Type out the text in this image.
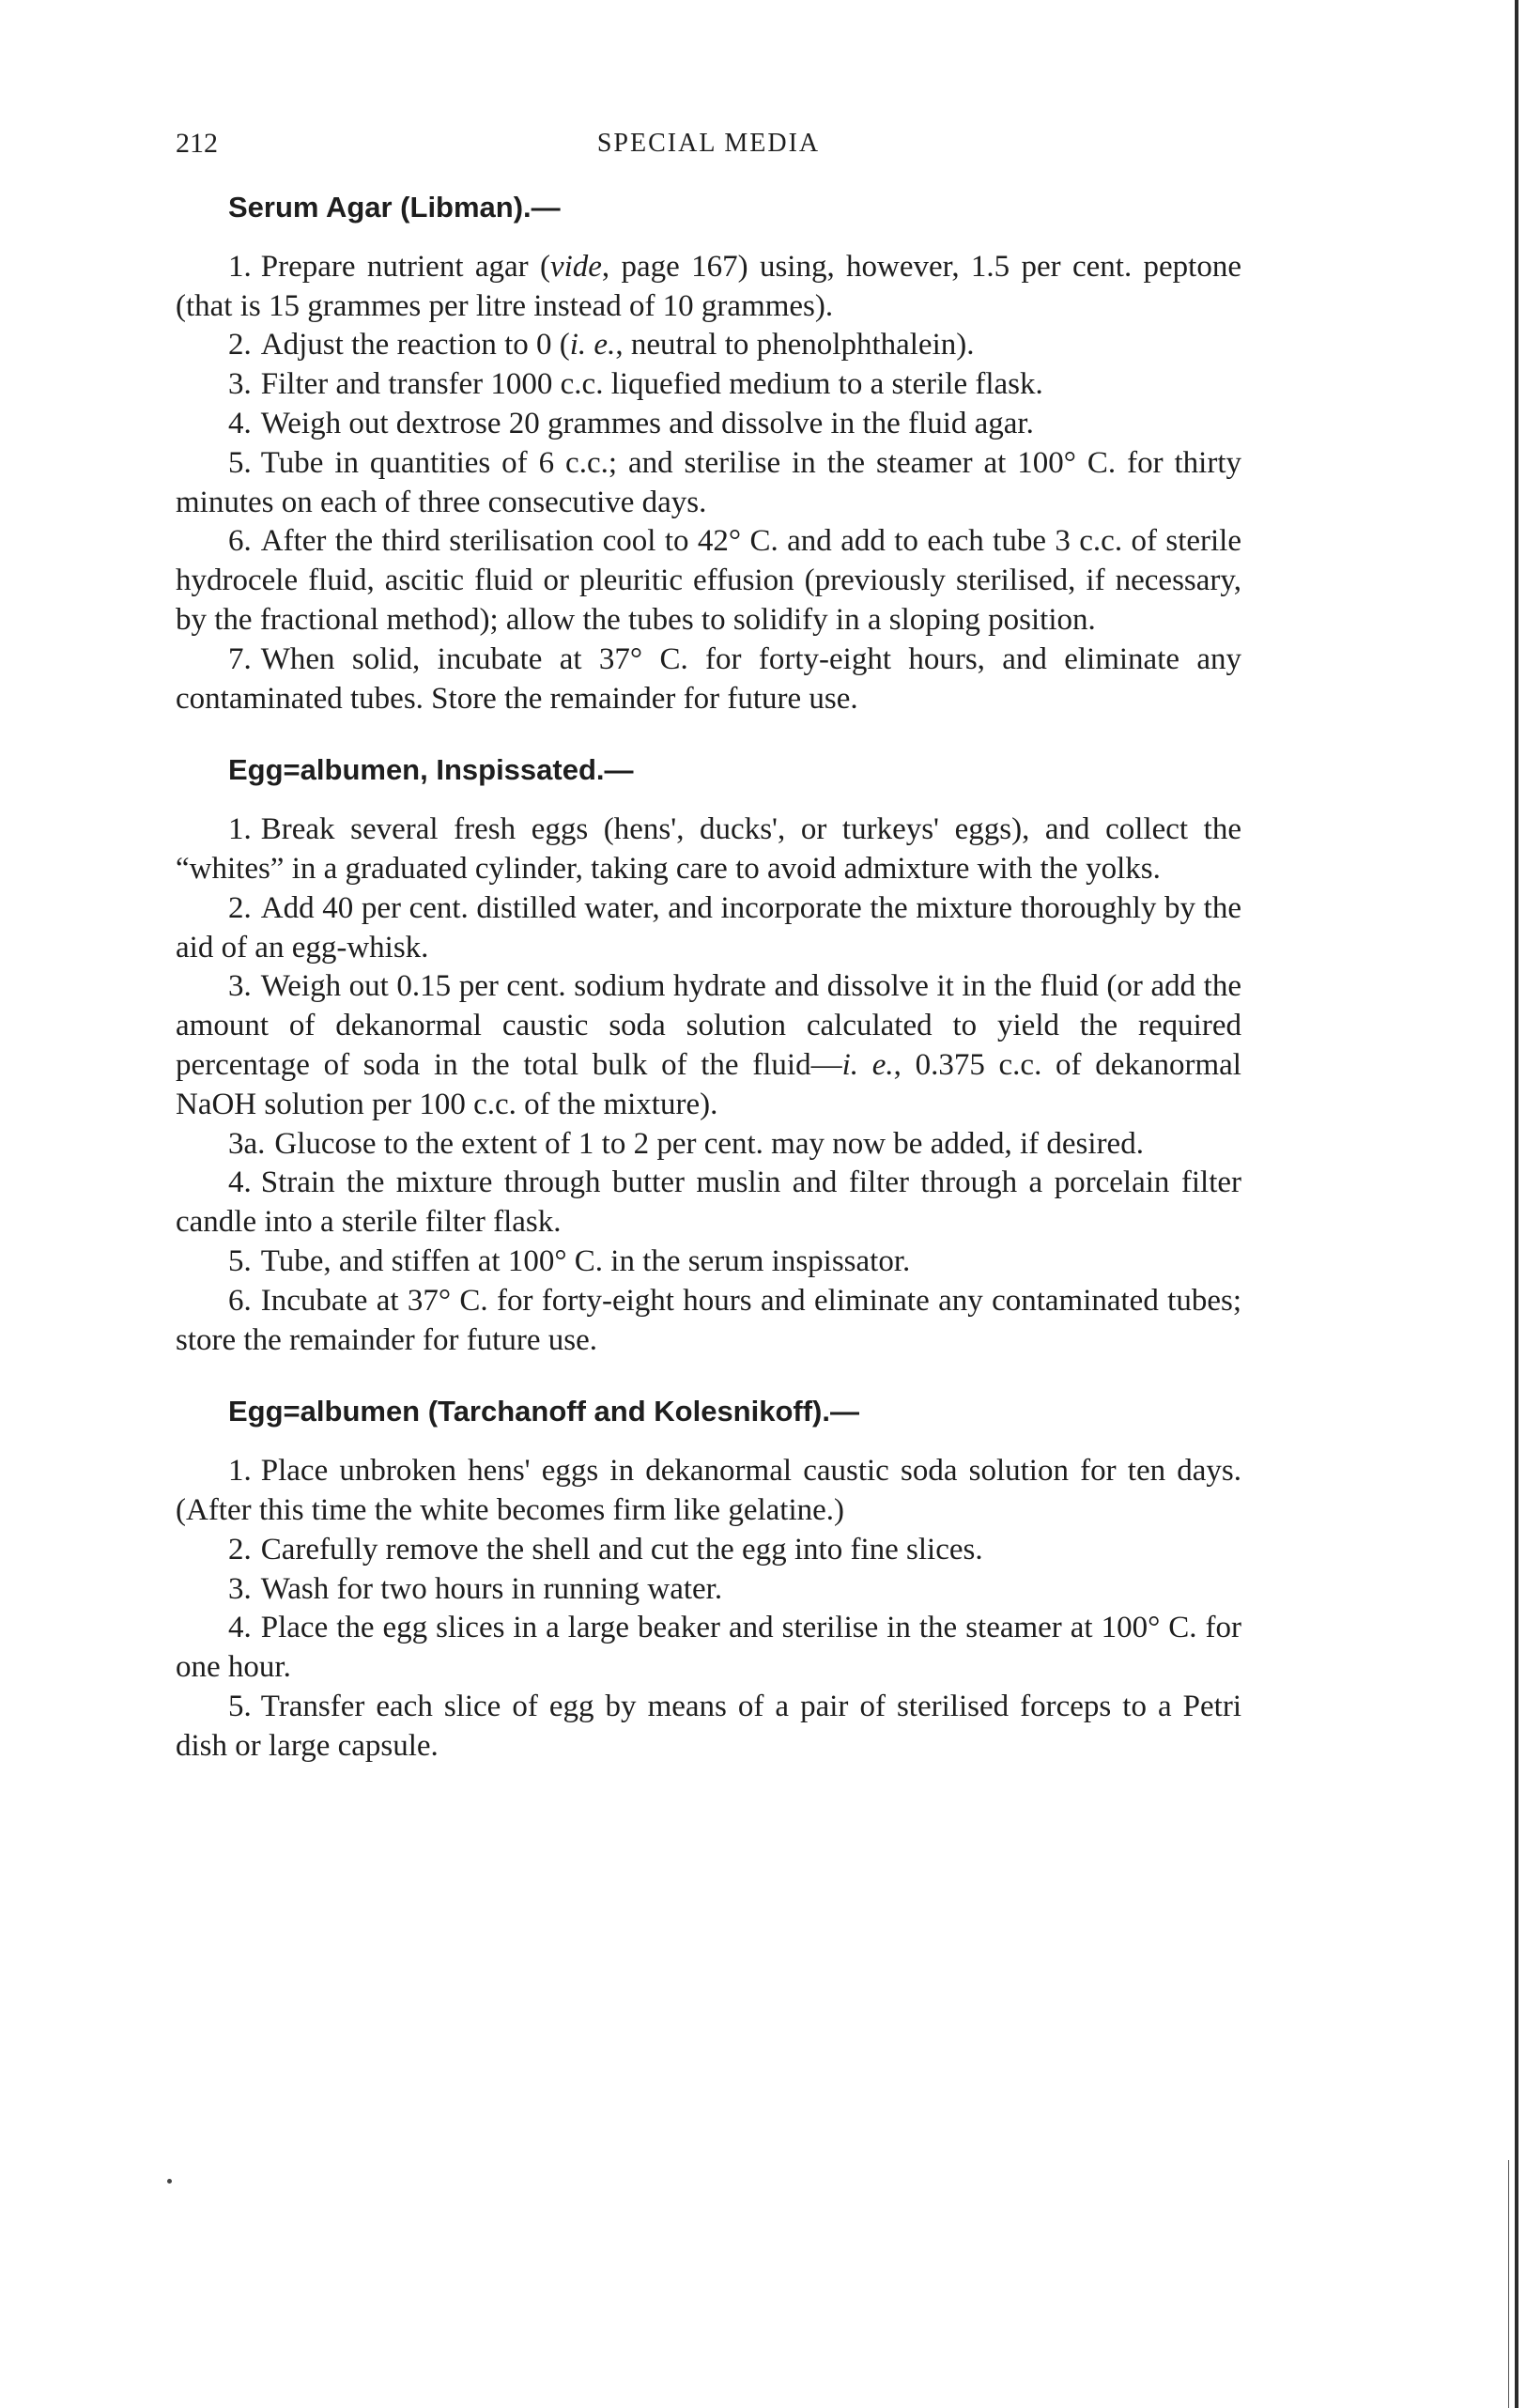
212	SPECIAL MEDIA
Serum Agar (Libman).—

1. Prepare nutrient agar (vide, page 167) using, however, 1.5 per cent. peptone (that is 15 grammes per litre instead of 10 grammes).

2. Adjust the reaction to 0 (i. e., neutral to phenolphthalein).

3. Filter and transfer 1000 c.c. liquefied medium to a sterile flask.

4. Weigh out dextrose 20 grammes and dissolve in the fluid agar.

5. Tube in quantities of 6 c.c.; and sterilise in the steamer at 100° C. for thirty minutes on each of three consecutive days.

6. After the third sterilisation cool to 42° C. and add to each tube 3 c.c. of sterile hydrocele fluid, ascitic fluid or pleuritic effusion (previously sterilised, if necessary, by the fractional method); allow the tubes to solidify in a sloping position.

7. When solid, incubate at 37° C. for forty-eight hours, and eliminate any contaminated tubes. Store the remainder for future use.

Egg=albumen, Inspissated.—

1. Break several fresh eggs (hens', ducks', or turkeys' eggs), and collect the “whites” in a graduated cylinder, taking care to avoid admixture with the yolks.

2. Add 40 per cent. distilled water, and incorporate the mixture thoroughly by the aid of an egg-whisk.

3. Weigh out 0.15 per cent. sodium hydrate and dissolve it in the fluid (or add the amount of dekanormal caustic soda solution calculated to yield the required percentage of soda in the total bulk of the fluid—i. e., 0.375 c.c. of dekanormal NaOH solution per 100 c.c. of the mixture).

3a. Glucose to the extent of 1 to 2 per cent. may now be added, if desired.

4. Strain the mixture through butter muslin and filter through a porcelain filter candle into a sterile filter flask.

5. Tube, and stiffen at 100° C. in the serum inspissator.

6. Incubate at 37° C. for forty-eight hours and eliminate any contaminated tubes; store the remainder for future use.

Egg=albumen (Tarchanoff and Kolesnikoff).—

1. Place unbroken hens' eggs in dekanormal caustic soda solution for ten days. (After this time the white becomes firm like gelatine.)

2. Carefully remove the shell and cut the egg into fine slices.

3. Wash for two hours in running water.

4. Place the egg slices in a large beaker and sterilise in the steamer at 100° C. for one hour.

5. Transfer each slice of egg by means of a pair of sterilised forceps to a Petri dish or large capsule.
